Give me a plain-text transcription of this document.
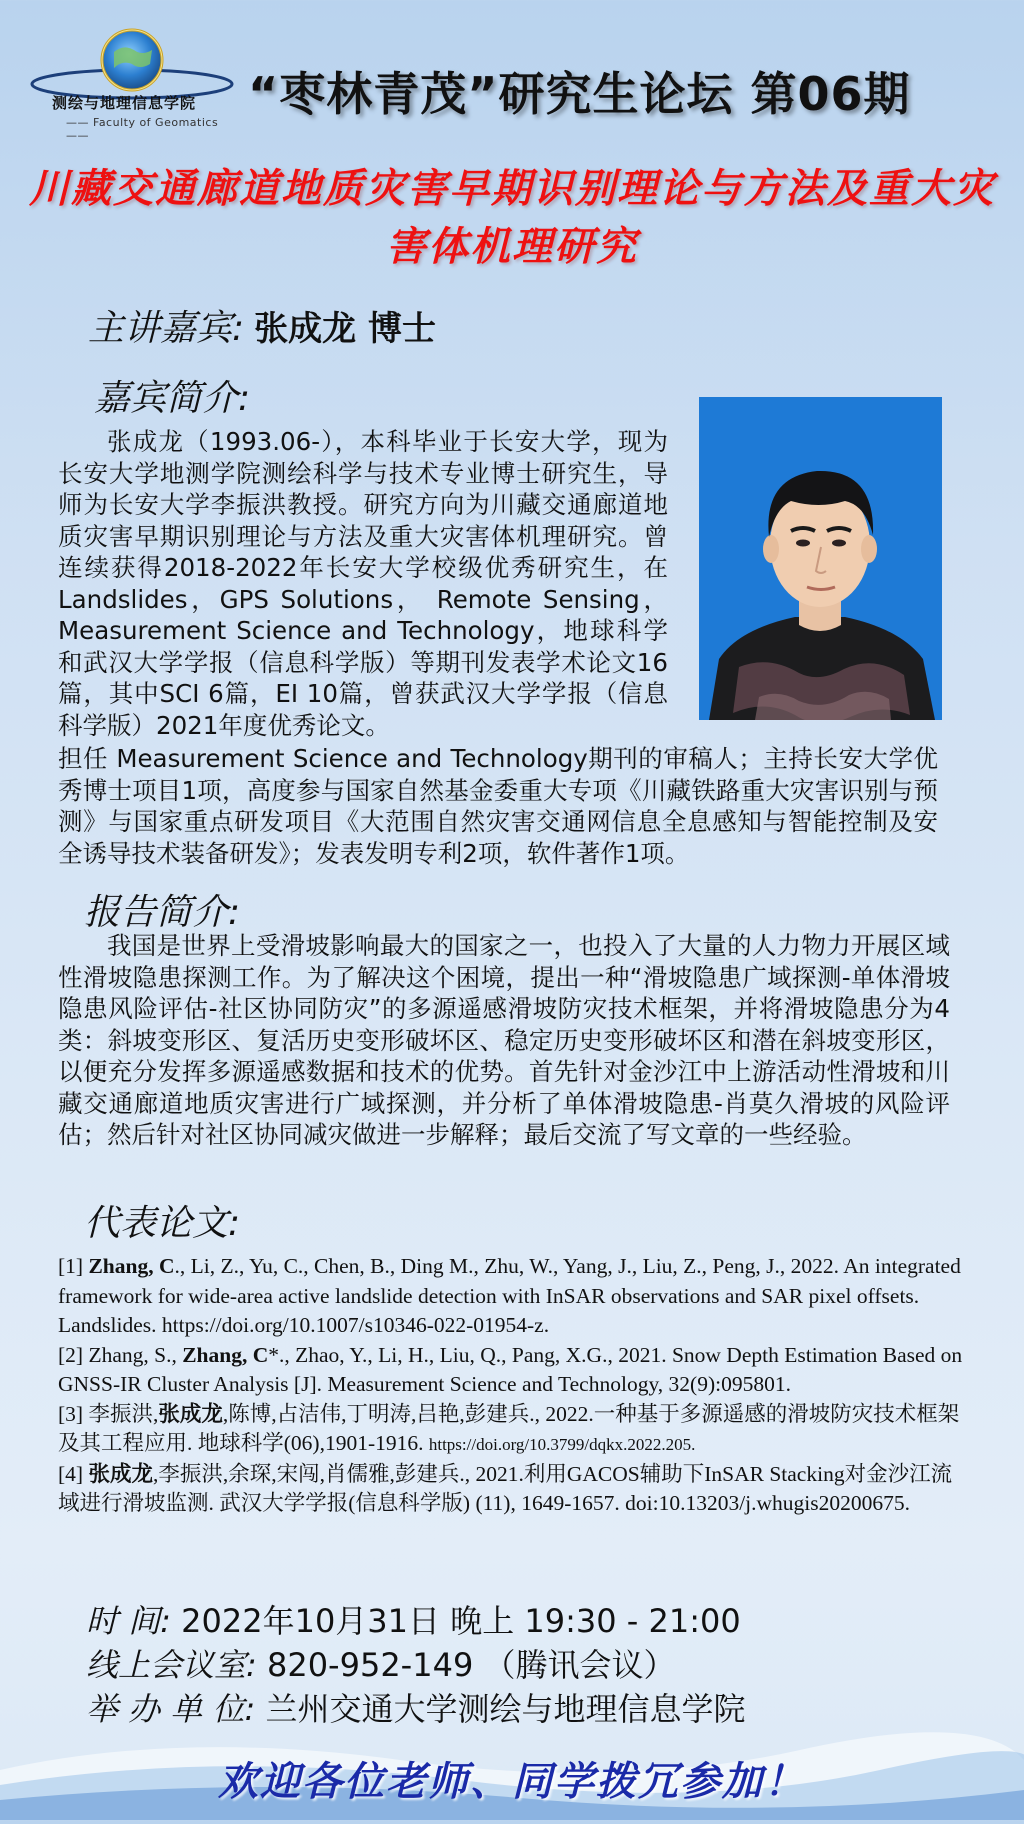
测绘与地理信息学院
—— Faculty of Geomatics ——
“枣林青茂”研究生论坛 第06期
川藏交通廊道地质灾害早期识别理论与方法及重大灾害体机理研究
主讲嘉宾: 张成龙 博士
嘉宾简介:
张成龙（1993.06-），本科毕业于长安大学，现为长安大学地测学院测绘科学与技术专业博士研究生，导师为长安大学李振洪教授。研究方向为川藏交通廊道地质灾害早期识别理论与方法及重大灾害体机理研究。曾连续获得2018-2022年长安大学校级优秀研究生，在Landslides，GPS Solutions， Remote Sensing，Measurement Science and Technology，地球科学和武汉大学学报（信息科学版）等期刊发表学术论文16篇，其中SCI 6篇，EI 10篇，曾获武汉大学学报（信息科学版）2021年度优秀论文。
担任 Measurement Science and Technology期刊的审稿人；主持长安大学优秀博士项目1项，高度参与国家自然基金委重大专项《川藏铁路重大灾害识别与预测》与国家重点研发项目《大范围自然灾害交通网信息全息感知与智能控制及安全诱导技术装备研发》；发表发明专利2项，软件著作1项。
报告简介:
我国是世界上受滑坡影响最大的国家之一，也投入了大量的人力物力开展区域性滑坡隐患探测工作。为了解决这个困境，提出一种“滑坡隐患广域探测-单体滑坡隐患风险评估-社区协同防灾”的多源遥感滑坡防灾技术框架，并将滑坡隐患分为4类：斜坡变形区、复活历史变形破坏区、稳定历史变形破坏区和潜在斜坡变形区，以便充分发挥多源遥感数据和技术的优势。首先针对金沙江中上游活动性滑坡和川藏交通廊道地质灾害进行广域探测，并分析了单体滑坡隐患-肖莫久滑坡的风险评估；然后针对社区协同减灾做进一步解释；最后交流了写文章的一些经验。
代表论文:

[1] Zhang, C., Li, Z., Yu, C., Chen, B., Ding M., Zhu, W., Yang, J., Liu, Z., Peng, J., 2022. An integrated framework for wide-area active landslide detection with InSAR observations and SAR pixel offsets. Landslides. https://doi.org/10.1007/s10346-022-01954-z.

[2] Zhang, S., Zhang, C*., Zhao, Y., Li, H., Liu, Q., Pang, X.G., 2021. Snow Depth Estimation Based on GNSS-IR Cluster Analysis [J]. Measurement Science and Technology, 32(9):095801.

[3] 李振洪,张成龙,陈博,占洁伟,丁明涛,吕艳,彭建兵., 2022.一种基于多源遥感的滑坡防灾技术框架及其工程应用. 地球科学(06),1901-1916. https://doi.org/10.3799/dqkx.2022.205.

[4] 张成龙,李振洪,余琛,宋闯,肖儒雅,彭建兵., 2021.利用GACOS辅助下InSAR Stacking对金沙江流域进行滑坡监测. 武汉大学学报(信息科学版) (11), 1649-1657. doi:10.13203/j.whugis20200675.

时 间: 2022年10月31日 晚上 19:30 - 21:00
线上会议室: 820-952-149 （腾讯会议）
举 办 单 位: 兰州交通大学测绘与地理信息学院
欢迎各位老师、同学拨冗参加！
